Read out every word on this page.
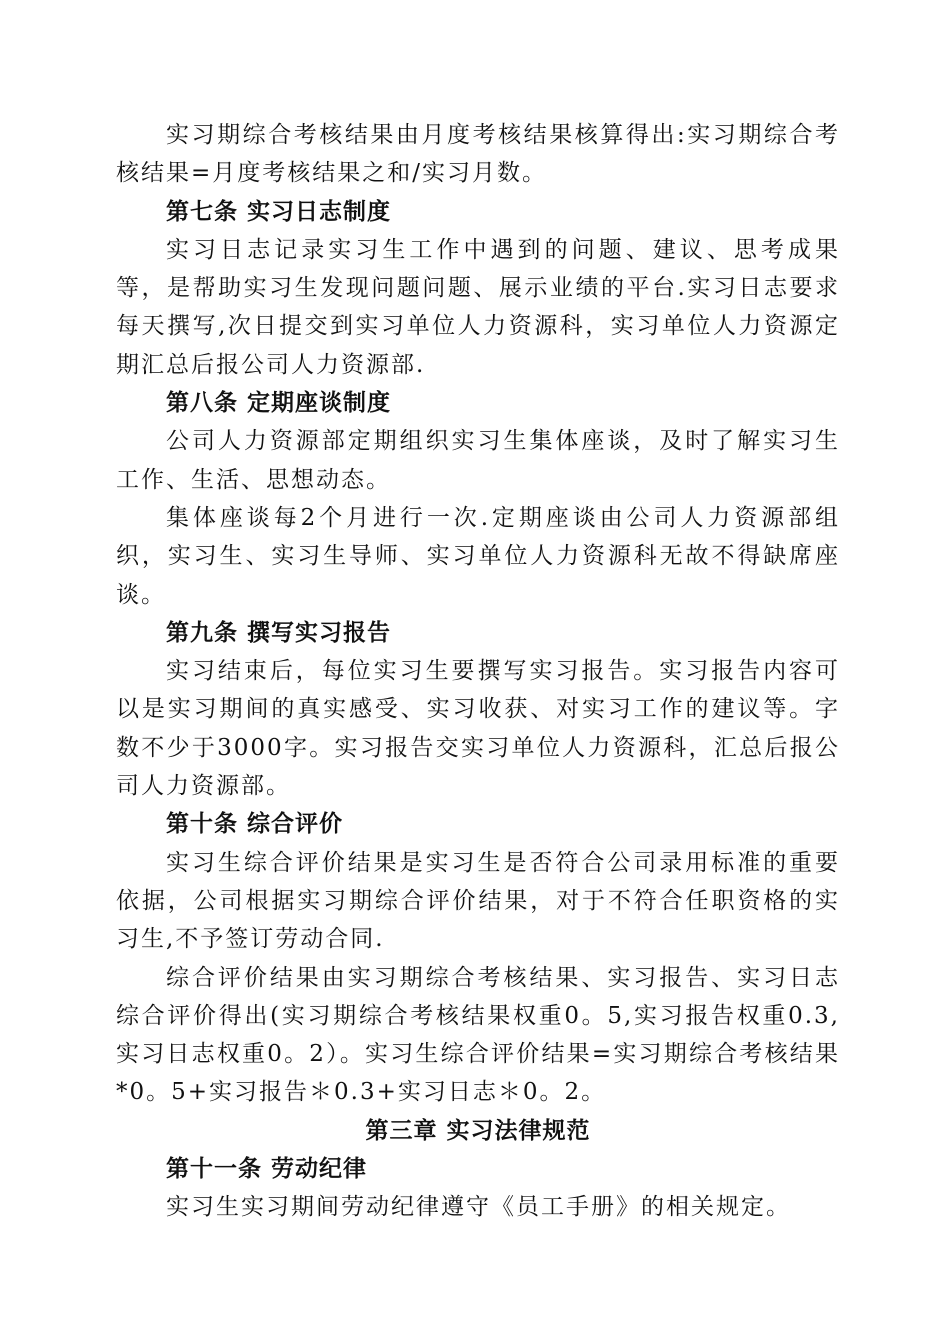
实习期综合考核结果由月度考核结果核算得出:实习期综合考核结果=月度考核结果之和/实习月数。

第七条 实习日志制度

实习日志记录实习生工作中遇到的问题、建议、思考成果等，是帮助实习生发现问题问题、展示业绩的平台.实习日志要求每天撰写,次日提交到实习单位人力资源科，实习单位人力资源定期汇总后报公司人力资源部.

第八条 定期座谈制度

公司人力资源部定期组织实习生集体座谈，及时了解实习生工作、生活、思想动态。

集体座谈每2个月进行一次.定期座谈由公司人力资源部组织，实习生、实习生导师、实习单位人力资源科无故不得缺席座谈。

第九条 撰写实习报告

实习结束后，每位实习生要撰写实习报告。实习报告内容可以是实习期间的真实感受、实习收获、对实习工作的建议等。字数不少于3000字。实习报告交实习单位人力资源科，汇总后报公司人力资源部。

第十条 综合评价

实习生综合评价结果是实习生是否符合公司录用标准的重要依据，公司根据实习期综合评价结果，对于不符合任职资格的实习生,不予签订劳动合同.

综合评价结果由实习期综合考核结果、实习报告、实习日志综合评价得出(实习期综合考核结果权重0。5,实习报告权重0.3,实习日志权重0。2）。实习生综合评价结果=实习期综合考核结果*0。5+实习报告＊0.3+实习日志＊0。2。

第三章 实习法律规范
第十一条 劳动纪律

实习生实习期间劳动纪律遵守《员工手册》的相关规定。
